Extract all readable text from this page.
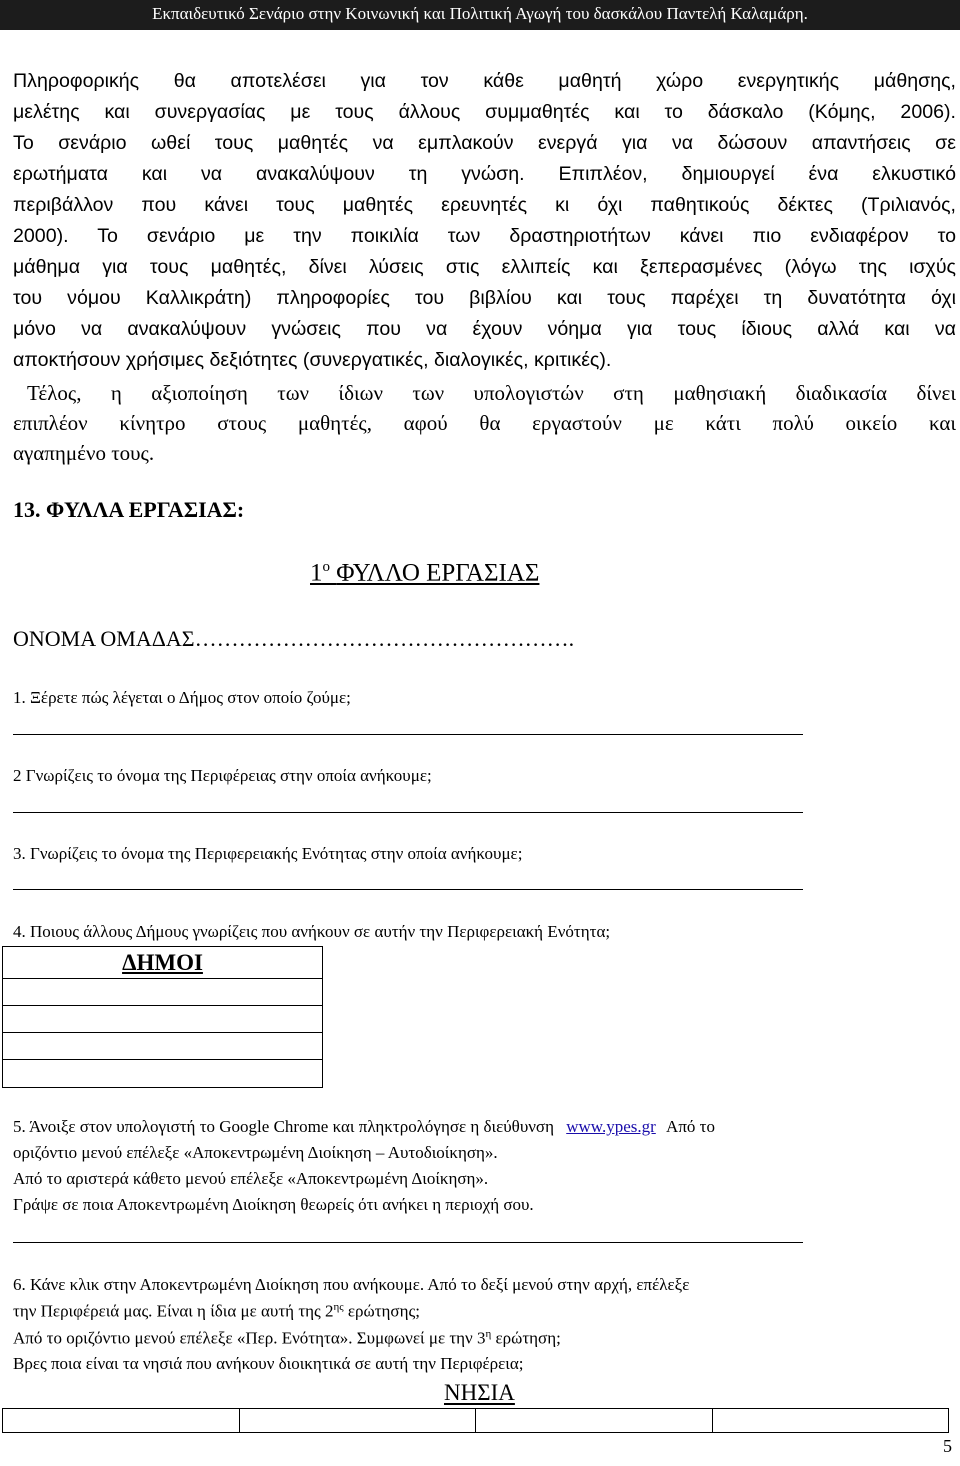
Εκπαιδευτικό Σενάριο στην Κοινωνική και Πολιτική Αγωγή του δασκάλου Παντελή Καλαμάρη.
Πληροφορικής θα αποτελέσει για τον κάθε μαθητή χώρο ενεργητικής μάθησης,
μελέτης και συνεργασίας με τους άλλους συμμαθητές και το δάσκαλο (Κόμης, 2006).
Το σενάριο ωθεί τους μαθητές να εμπλακούν ενεργά για να δώσουν απαντήσεις σε
ερωτήματα και να ανακαλύψουν τη γνώση. Επιπλέον, δημιουργεί ένα ελκυστικό
περιβάλλον που κάνει τους μαθητές ερευνητές κι όχι παθητικούς δέκτες (Τριλιανός,
2000). Το σενάριο με την ποικιλία των δραστηριοτήτων κάνει πιο ενδιαφέρον το
μάθημα για τους μαθητές, δίνει λύσεις στις ελλιπείς και ξεπερασμένες (λόγω της ισχύς
του νόμου Καλλικράτη) πληροφορίες του βιβλίου και τους παρέχει τη δυνατότητα όχι
μόνο να ανακαλύψουν γνώσεις που να έχουν νόημα για τους ίδιους αλλά και να
αποκτήσουν χρήσιμες δεξιότητες (συνεργατικές, διαλογικές, κριτικές).
Τέλος, η αξιοποίηση των ίδιων των υπολογιστών στη μαθησιακή διαδικασία δίνει
επιπλέον κίνητρο στους μαθητές, αφού θα εργαστούν με κάτι πολύ οικείο και
αγαπημένο τους.
13. ΦΥΛΛΑ ΕΡΓΑΣΙΑΣ:
$1^o$ ΦΥΛΛΟ ΕΡΓΑΣΙΑΣ
ΟΝΟΜΑ ΟΜΑΔΑΣ…………………………………………….
1. Ξέρετε πώς λέγεται ο Δήμος στον οποίο ζούμε;
2 Γνωρίζεις το όνομα της Περιφέρειας στην οποία ανήκουμε;
3. Γνωρίζεις το όνομα της Περιφερειακής Ενότητας στην οποία ανήκουμε;
4. Ποιους άλλους Δήμους γνωρίζεις που ανήκουν σε αυτήν την Περιφερειακή Ενότητα;
ΔΗΜΟΙ

5. Άνοιξε στον υπολογιστή το Google Chrome και πληκτρολόγησε η διεύθυνση www.ypes.gr Από το
οριζόντιο μενού επέλεξε «Αποκεντρωμένη Διοίκηση – Αυτοδιοίκηση».
Από το αριστερά κάθετο μενού επέλεξε «Αποκεντρωμένη Διοίκηση».
Γράψε σε ποια Αποκεντρωμένη Διοίκηση θεωρείς ότι ανήκει η περιοχή σου.
6. Κάνε κλικ στην Αποκεντρωμένη Διοίκηση που ανήκουμε. Από το δεξί μενού στην αρχή, επέλεξε
την Περιφέρειά μας. Είναι η ίδια με αυτή της $2^{\eta\varsigma}$ ερώτησης;
Από το οριζόντιο μενού επέλεξε «Περ. Ενότητα». Συμφωνεί με την $3^\eta$ ερώτηση;
Βρες ποια είναι τα νησιά που ανήκουν διοικητικά σε αυτή την Περιφέρεια;
ΝΗΣΙΑ

5
